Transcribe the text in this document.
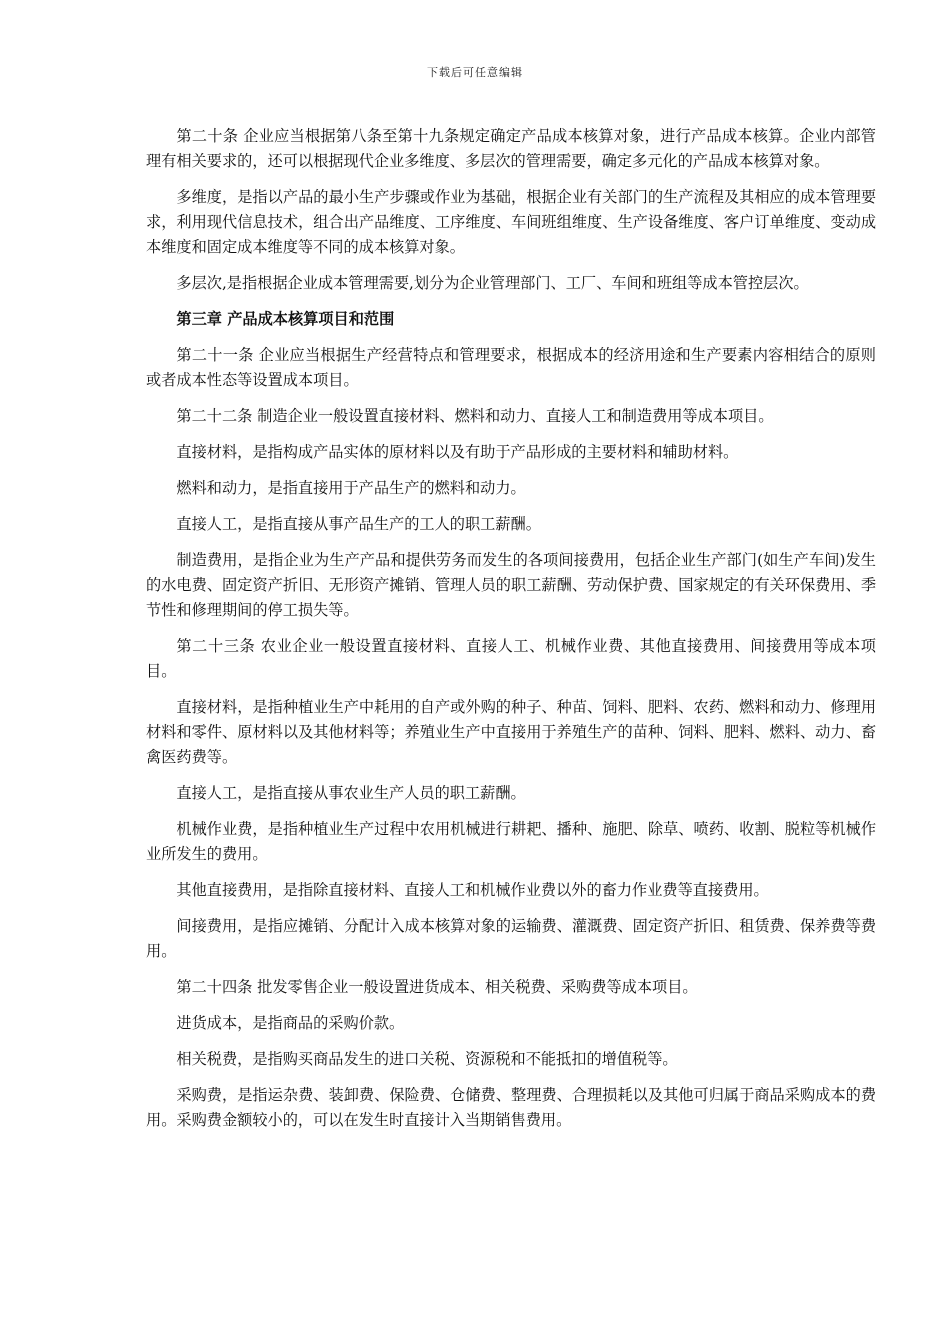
下载后可任意编辑

第二十条 企业应当根据第八条至第十九条规定确定产品成本核算对象，进行产品成本核算。企业内部管理有相关要求的，还可以根据现代企业多维度、多层次的管理需要，确定多元化的产品成本核算对象。

多维度，是指以产品的最小生产步骤或作业为基础，根据企业有关部门的生产流程及其相应的成本管理要求，利用现代信息技术，组合出产品维度、工序维度、车间班组维度、生产设备维度、客户订单维度、变动成本维度和固定成本维度等不同的成本核算对象。

多层次,是指根据企业成本管理需要,划分为企业管理部门、工厂、车间和班组等成本管控层次。

第三章 产品成本核算项目和范围

第二十一条 企业应当根据生产经营特点和管理要求，根据成本的经济用途和生产要素内容相结合的原则或者成本性态等设置成本项目。

第二十二条 制造企业一般设置直接材料、燃料和动力、直接人工和制造费用等成本项目。

直接材料，是指构成产品实体的原材料以及有助于产品形成的主要材料和辅助材料。

燃料和动力，是指直接用于产品生产的燃料和动力。

直接人工，是指直接从事产品生产的工人的职工薪酬。

制造费用，是指企业为生产产品和提供劳务而发生的各项间接费用，包括企业生产部门(如生产车间)发生的水电费、固定资产折旧、无形资产摊销、管理人员的职工薪酬、劳动保护费、国家规定的有关环保费用、季节性和修理期间的停工损失等。

第二十三条 农业企业一般设置直接材料、直接人工、机械作业费、其他直接费用、间接费用等成本项目。

直接材料，是指种植业生产中耗用的自产或外购的种子、种苗、饲料、肥料、农药、燃料和动力、修理用材料和零件、原材料以及其他材料等；养殖业生产中直接用于养殖生产的苗种、饲料、肥料、燃料、动力、畜禽医药费等。

直接人工，是指直接从事农业生产人员的职工薪酬。

机械作业费，是指种植业生产过程中农用机械进行耕耙、播种、施肥、除草、喷药、收割、脱粒等机械作业所发生的费用。

其他直接费用，是指除直接材料、直接人工和机械作业费以外的畜力作业费等直接费用。

间接费用，是指应摊销、分配计入成本核算对象的运输费、灌溉费、固定资产折旧、租赁费、保养费等费用。

第二十四条 批发零售企业一般设置进货成本、相关税费、采购费等成本项目。

进货成本，是指商品的采购价款。

相关税费，是指购买商品发生的进口关税、资源税和不能抵扣的增值税等。

采购费，是指运杂费、装卸费、保险费、仓储费、整理费、合理损耗以及其他可归属于商品采购成本的费用。采购费金额较小的，可以在发生时直接计入当期销售费用。
